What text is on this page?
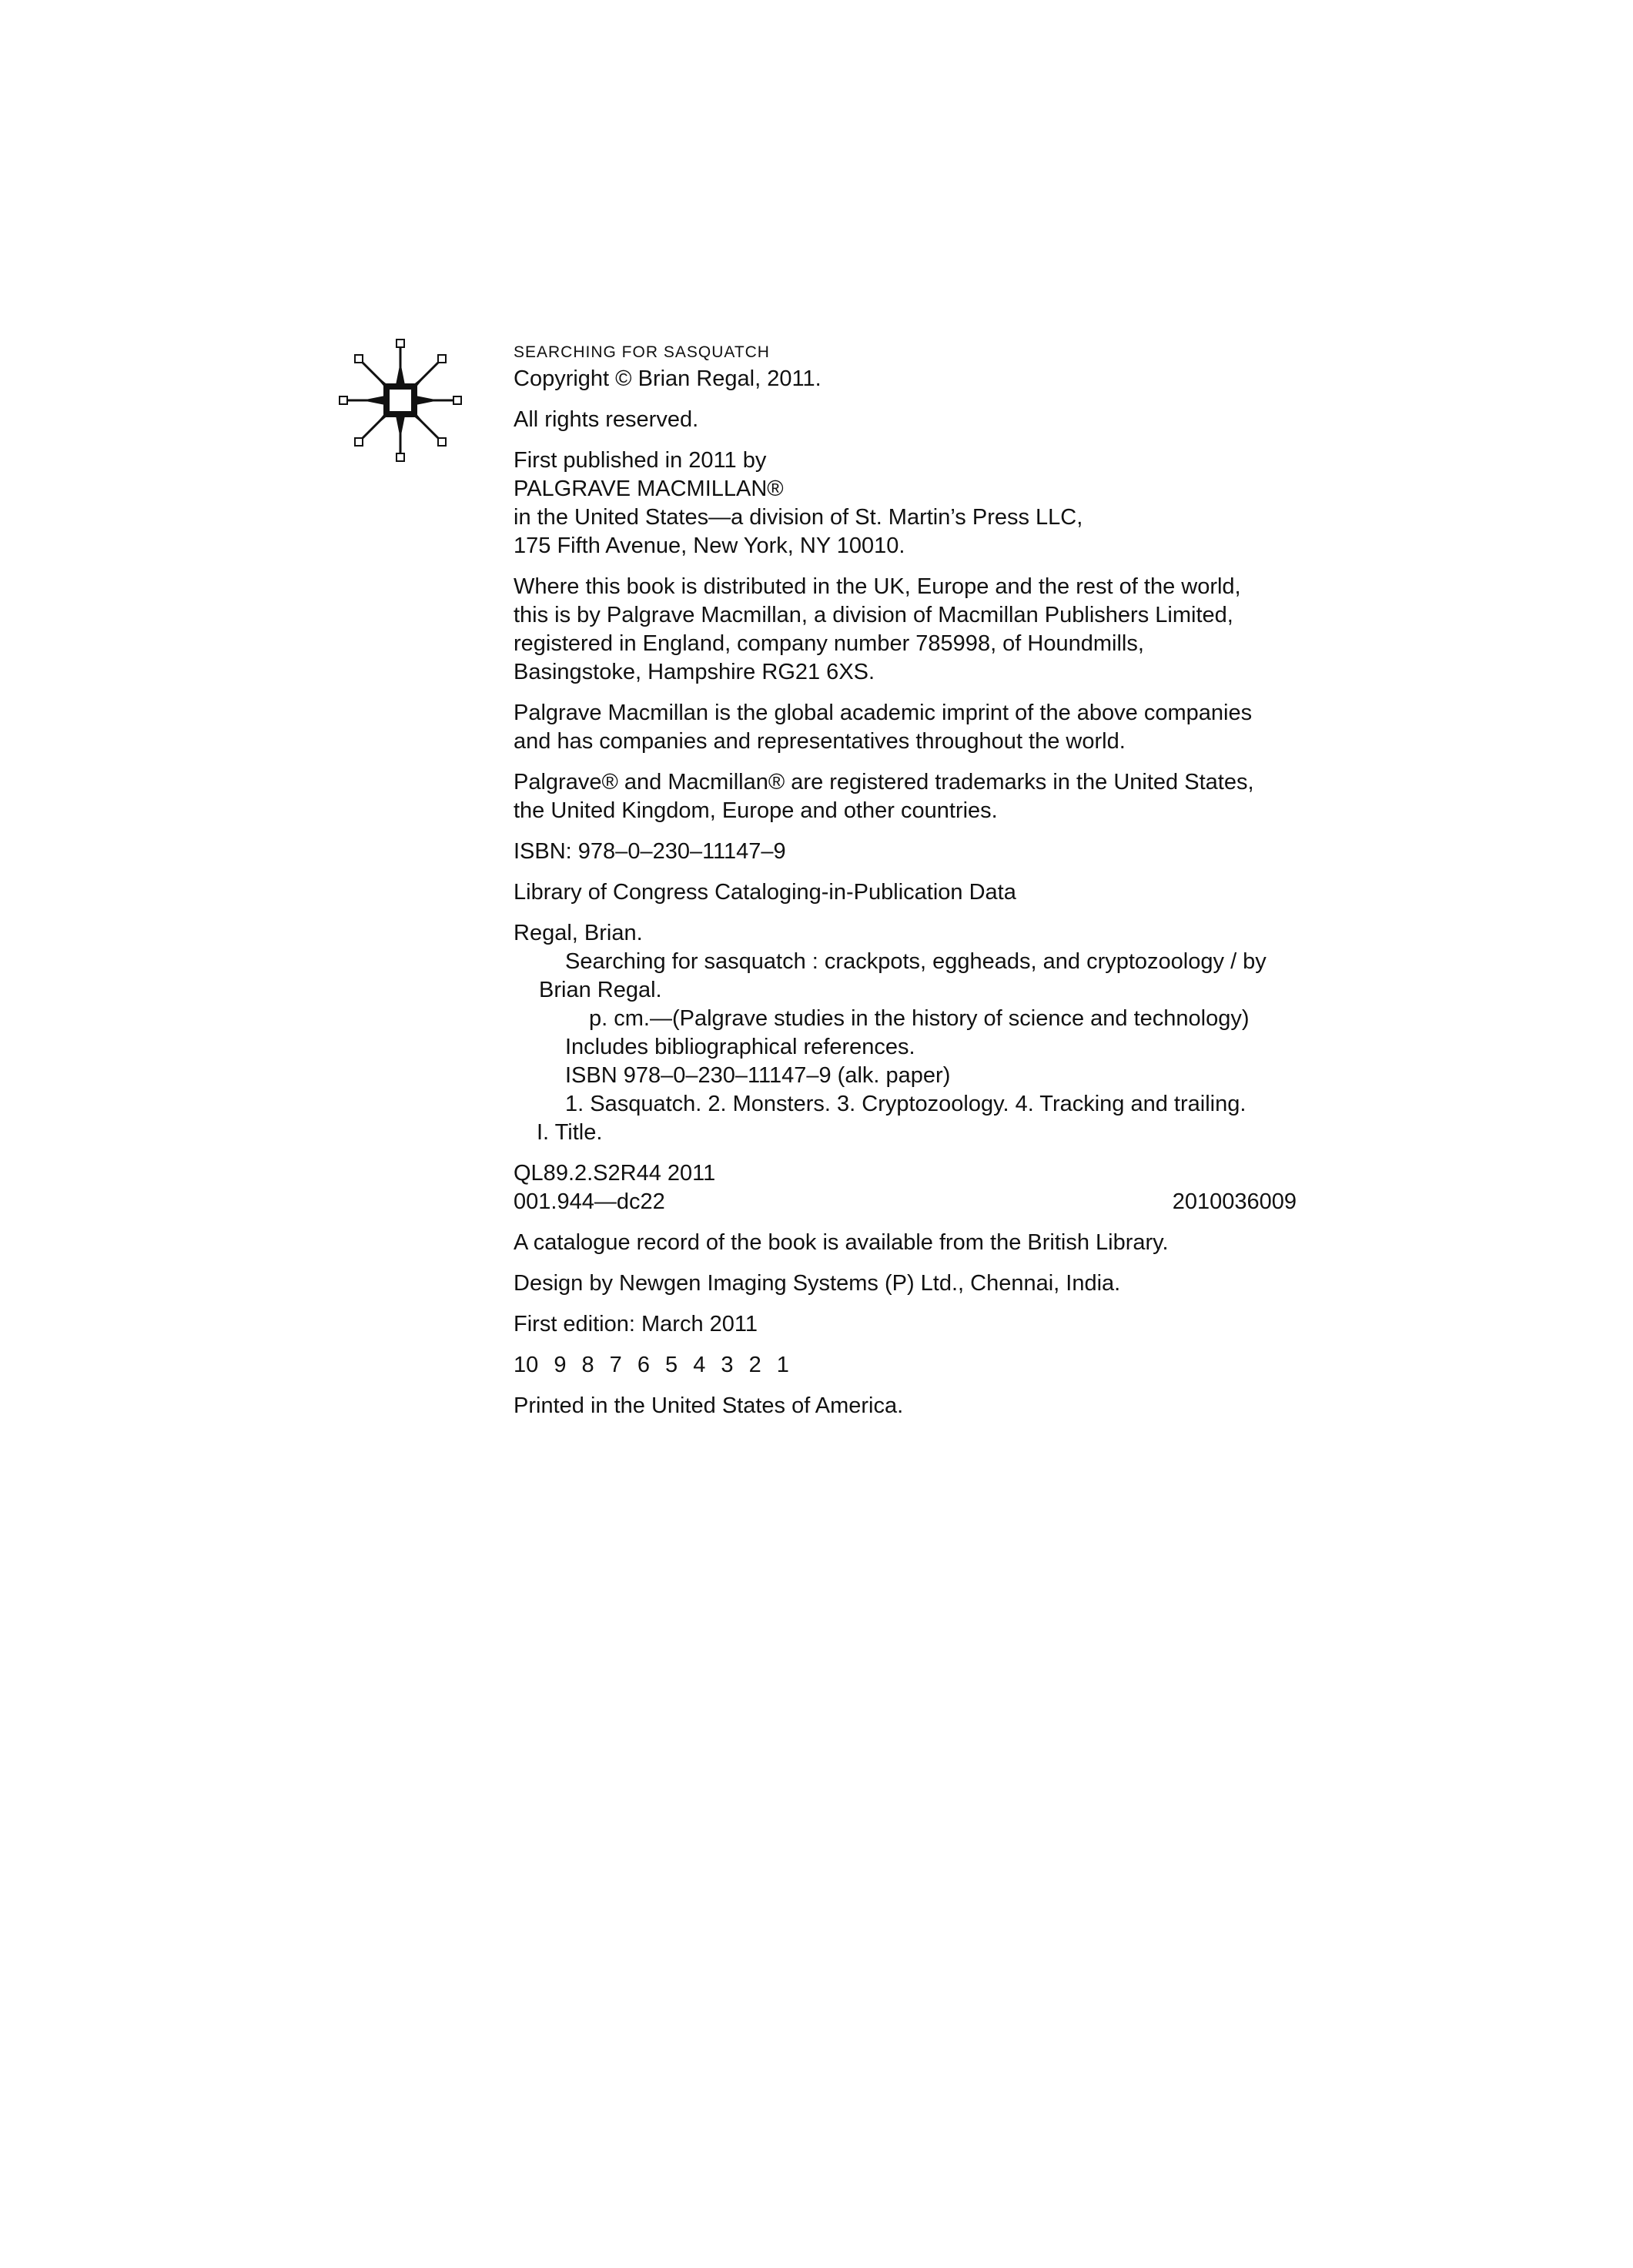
SEARCHING FOR SASQUATCH
Copyright © Brian Regal, 2011.
All rights reserved.
First published in 2011 by
PALGRAVE MACMILLAN®
in the United States—a division of St. Martin’s Press LLC,
175 Fifth Avenue, New York, NY 10010.
Where this book is distributed in the UK, Europe and the rest of the world,
this is by Palgrave Macmillan, a division of Macmillan Publishers Limited,
registered in England, company number 785998, of Houndmills,
Basingstoke, Hampshire RG21 6XS.
Palgrave Macmillan is the global academic imprint of the above companies
and has companies and representatives throughout the world.
Palgrave® and Macmillan® are registered trademarks in the United States,
the United Kingdom, Europe and other countries.
ISBN: 978–0–230–11147–9
Library of Congress Cataloging-in-Publication Data
Regal, Brian.
Searching for sasquatch : crackpots, eggheads, and cryptozoology / by
Brian Regal.
p. cm.—(Palgrave studies in the history of science and technology)
Includes bibliographical references.
ISBN 978–0–230–11147–9 (alk. paper)
1. Sasquatch. 2. Monsters. 3. Cryptozoology. 4. Tracking and trailing.
I. Title.
QL89.2.S2R44 2011
001.944—dc22	2010036009
A catalogue record of the book is available from the British Library.
Design by Newgen Imaging Systems (P) Ltd., Chennai, India.
First edition: March 2011
10 9 8 7 6 5 4 3 2 1
Printed in the United States of America.
